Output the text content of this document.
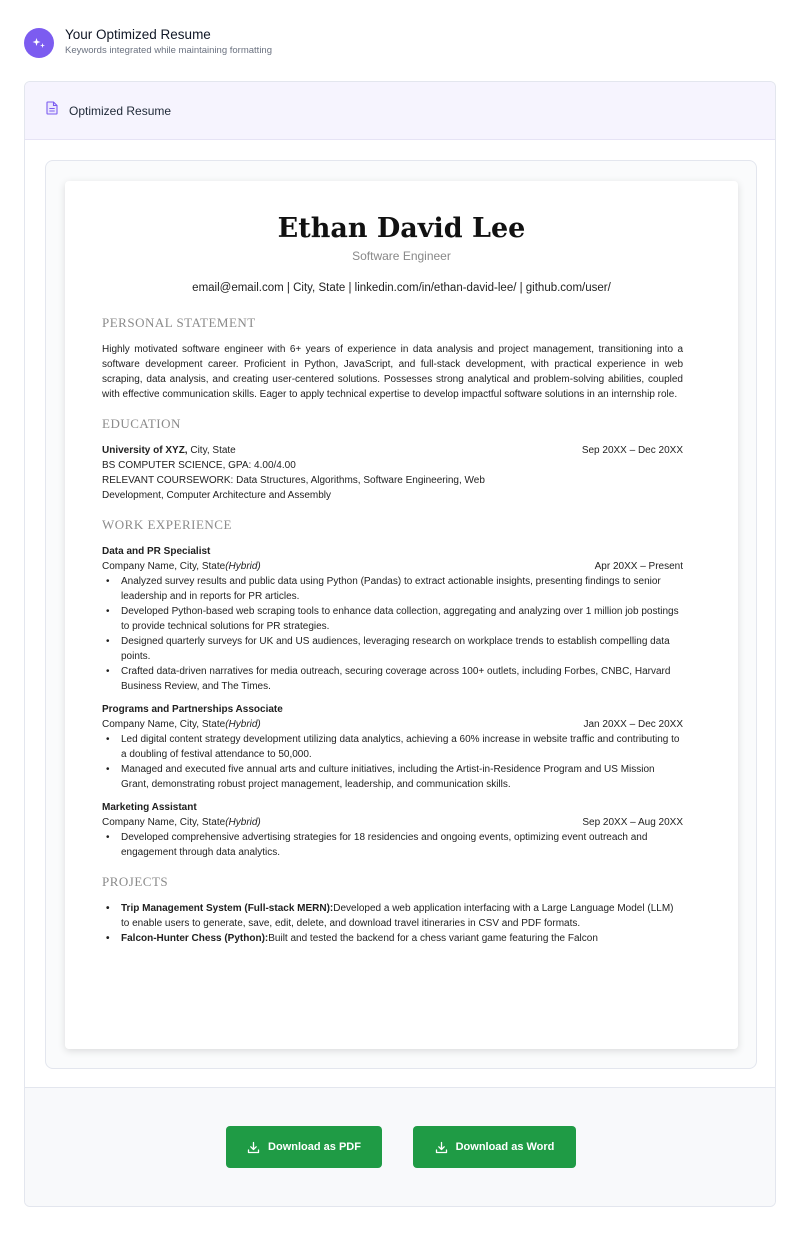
Your Optimized Resume
Keywords integrated while maintaining formatting
Optimized Resume
Ethan David Lee
Software Engineer
email@email.com | City, State | linkedin.com/in/ethan-david-lee/ | github.com/user/
PERSONAL STATEMENT
Highly motivated software engineer with 6+ years of experience in data analysis and project management, transitioning into a software development career. Proficient in Python, JavaScript, and full-stack development, with practical experience in web scraping, data analysis, and creating user-centered solutions. Possesses strong analytical and problem-solving abilities, coupled with effective communication skills. Eager to apply technical expertise to develop impactful software solutions in an internship role.
EDUCATION
University of XYZ, City, State	Sep 20XX – Dec 20XX
BS COMPUTER SCIENCE, GPA: 4.00/4.00
RELEVANT COURSEWORK: Data Structures, Algorithms, Software Engineering, Web Development, Computer Architecture and Assembly
WORK EXPERIENCE
Data and PR Specialist
Company Name, City, State(Hybrid)	Apr 20XX – Present
• Analyzed survey results and public data using Python (Pandas) to extract actionable insights, presenting findings to senior leadership and in reports for PR articles.
• Developed Python-based web scraping tools to enhance data collection, aggregating and analyzing over 1 million job postings to provide technical solutions for PR strategies.
• Designed quarterly surveys for UK and US audiences, leveraging research on workplace trends to establish compelling data points.
• Crafted data-driven narratives for media outreach, securing coverage across 100+ outlets, including Forbes, CNBC, Harvard Business Review, and The Times.
Programs and Partnerships Associate
Company Name, City, State(Hybrid)	Jan 20XX – Dec 20XX
• Led digital content strategy development utilizing data analytics, achieving a 60% increase in website traffic and contributing to a doubling of festival attendance to 50,000.
• Managed and executed five annual arts and culture initiatives, including the Artist-in-Residence Program and US Mission Grant, demonstrating robust project management, leadership, and communication skills.
Marketing Assistant
Company Name, City, State(Hybrid)	Sep 20XX – Aug 20XX
• Developed comprehensive advertising strategies for 18 residencies and ongoing events, optimizing event outreach and engagement through data analytics.
PROJECTS
• Trip Management System (Full-stack MERN):Developed a web application interfacing with a Large Language Model (LLM) to enable users to generate, save, edit, delete, and download travel itineraries in CSV and PDF formats.
• Falcon-Hunter Chess (Python):Built and tested the backend for a chess variant game featuring the Falcon
Download as PDF	Download as Word
